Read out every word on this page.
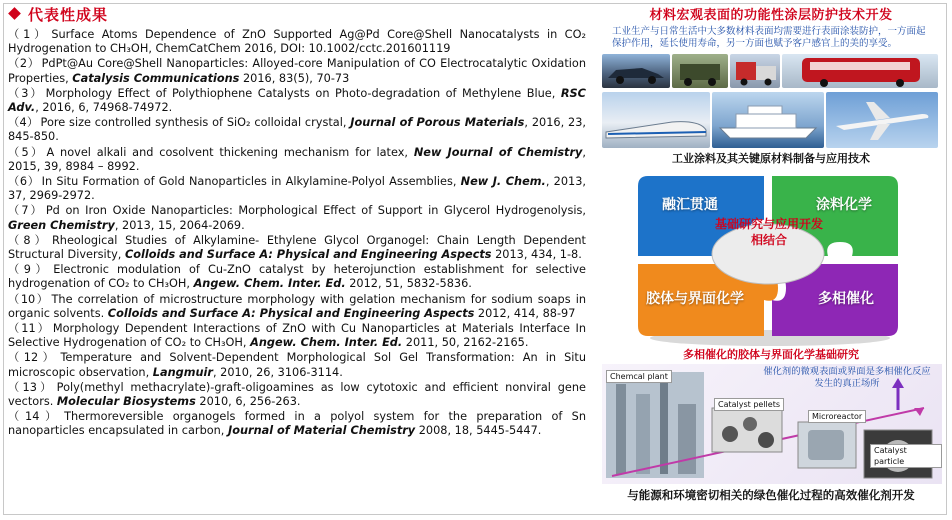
代表性成果
（1） Surface Atoms Dependence of ZnO Supported Ag@Pd Core@Shell Nanocatalysts in CO₂ Hydrogenation to CH₃OH, ChemCatChem 2016, DOI: 10.1002/cctc.201601119
（2） PdPt@Au Core@Shell Nanoparticles: Alloyed-core Manipulation of CO Electrocatalytic Oxidation Properties, Catalysis Communications 2016, 83(5), 70-73
（3） Morphology Effect of Polythiophene Catalysts on Photo-degradation of Methylene Blue, RSC Adv., 2016, 6, 74968-74972.
（4） Pore size controlled synthesis of SiO₂ colloidal crystal, Journal of Porous Materials, 2016, 23, 845-850.
（5） A novel alkali and cosolvent thickening mechanism for latex, New Journal of Chemistry, 2015, 39, 8984 – 8992.
（6） In Situ Formation of Gold Nanoparticles in Alkylamine-Polyol Assemblies, New J. Chem., 2013, 37, 2969-2972.
（7） Pd on Iron Oxide Nanoparticles: Morphological Effect of Support in Glycerol Hydrogenolysis, Green Chemistry, 2013, 15, 2064-2069.
（8） Rheological Studies of Alkylamine- Ethylene Glycol Organogel: Chain Length Dependent Structural Diversity, Colloids and Surface A: Physical and Engineering Aspects 2013, 434, 1-8.
（9） Electronic modulation of Cu-ZnO catalyst by heterojunction establishment for selective hydrogenation of CO₂ to CH₃OH, Angew. Chem. Inter. Ed. 2012, 51, 5832-5836.
（10） The correlation of microstructure morphology with gelation mechanism for sodium soaps in organic solvents. Colloids and Surface A: Physical and Engineering Aspects 2012, 414, 88-97
（11） Morphology Dependent Interactions of ZnO with Cu Nanoparticles at Materials Interface In Selective Hydrogenation of CO₂ to CH₃OH, Angew. Chem. Inter. Ed. 2011, 50, 2162-2165.
（12） Temperature and Solvent-Dependent Morphological Sol Gel Transformation: An in Situ microscopic observation, Langmuir, 2010, 26, 3106-3114.
（13） Poly(methyl methacrylate)-graft-oligoamines as low cytotoxic and efficient nonviral gene vectors. Molecular Biosystems 2010, 6, 256-263.
（14） Thermoreversible organogels formed in a polyol system for the preparation of Sn nanoparticles encapsulated in carbon, Journal of Material Chemistry 2008, 18, 5445-5447.
材料宏观表面的功能性涂层防护技术开发
工业生产与日常生活中大多数材料表面均需要进行表面涂装防护，一方面起保护作用，延长使用寿命，另一方面也赋予客户感官上的美的享受。
工业涂料及其关键原材料制备与应用技术
基础研究与应用开发相结合
融汇贯通	涂料化学
胶体与界面化学	多相催化
多相催化的胶体与界面化学基础研究
Chemcal plant
Catalyst pellets
Microreactor
Catalyst particle
催化剂的微观表面或界面是多相催化反应发生的真正场所
与能源和环境密切相关的绿色催化过程的高效催化剂开发
